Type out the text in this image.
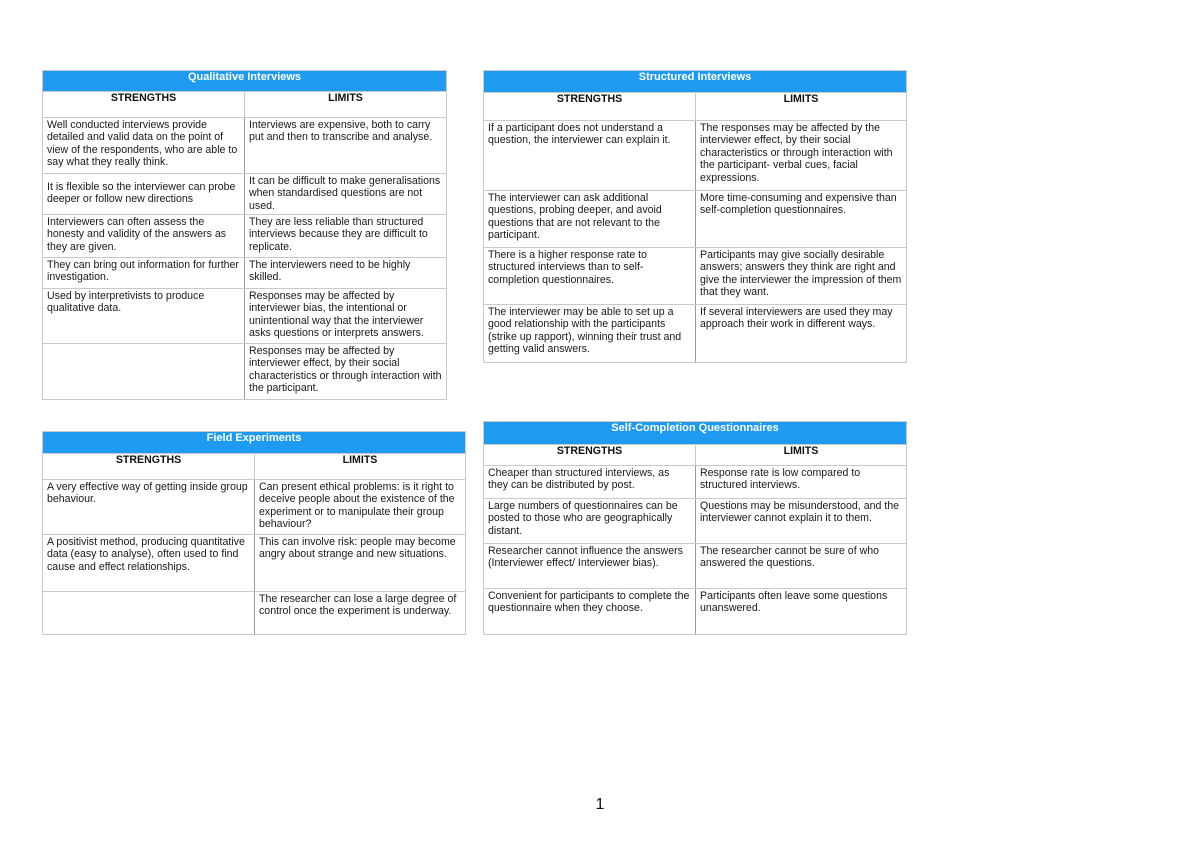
Qualitative Interviews	
STRENGTHS	LIMITS

Well conducted interviews provide detailed and valid data on the point of view of the respondents, who are able to say what they really think.	Interviews are expensive, both to carry put and then to transcribe and analyse.

It is flexible so the interviewer can probe deeper or follow new directions	It can be difficult to make generalisations when standardised questions are not used.

Interviewers can often assess the honesty and validity of the answers as they are given.	They are less reliable than structured interviews because they are difficult to replicate.

They can bring out information for further investigation.	The interviewers need to be highly skilled.

Used by interpretivists to produce qualitative data.	Responses may be affected by interviewer bias, the intentional or unintentional way that the interviewer asks questions or interprets answers.

	Responses may be affected by interviewer effect, by their social characteristics or through interaction with the participant.
Structured Interviews	
STRENGTHS	LIMITS

If a participant does not understand a question, the interviewer can explain it.	The responses may be affected by the interviewer effect, by their social characteristics or through interaction with the participant- verbal cues, facial expressions.

The interviewer can ask additional questions, probing deeper, and avoid questions that are not relevant to the participant.	More time-consuming and expensive than self-completion questionnaires.

There is a higher response rate to structured interviews than to self-completion questionnaires.	Participants may give socially desirable answers; answers they think are right and give the interviewer the impression of them that they want.

The interviewer may be able to set up a good relationship with the participants (strike up rapport), winning their trust and getting valid answers.	If several interviewers are used they may approach their work in different ways.
Field Experiments	
STRENGTHS	LIMITS

A very effective way of getting inside group behaviour.	Can present ethical problems: is it right to deceive people about the existence of the experiment or to manipulate their group behaviour?

A positivist method, producing quantitative data (easy to analyse), often used to find cause and effect relationships.	This can involve risk: people may become angry about strange and new situations.

	The researcher can lose a large degree of control once the experiment is underway.
Self-Completion Questionnaires	
STRENGTHS	LIMITS

Cheaper than structured interviews, as they can be distributed by post.	Response rate is low compared to structured interviews.

Large numbers of questionnaires can be posted to those who are geographically distant.	Questions may be misunderstood, and the interviewer cannot explain it to them.

Researcher cannot influence the answers (Interviewer effect/ Interviewer bias).	The researcher cannot be sure of who answered the questions.

Convenient for participants to complete the questionnaire when they choose.	Participants often leave some questions unanswered.
1
